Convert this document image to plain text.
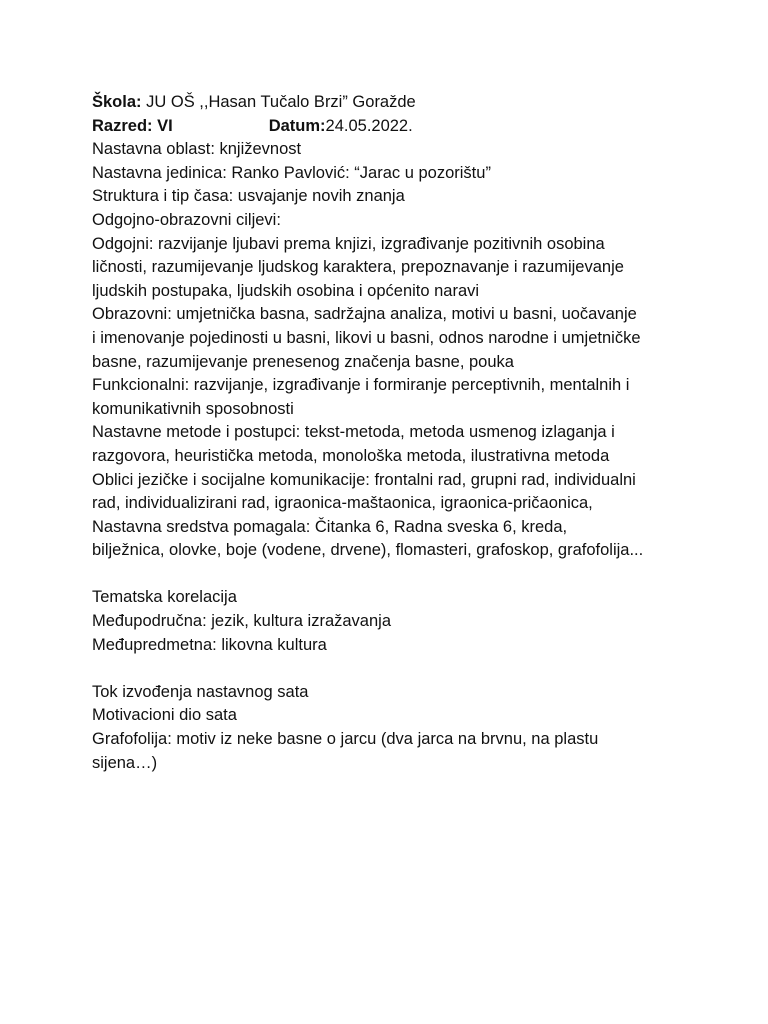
Škola: JU OŠ ,,Hasan Tučalo Brzi” Goražde
Razred: VI	Datum:24.05.2022.
Nastavna oblast: književnost
Nastavna jedinica: Ranko Pavlović: “Jarac u pozorištu”
Struktura i tip časa: usvajanje novih znanja
Odgojno-obrazovni ciljevi:
Odgojni: razvijanje ljubavi prema knjizi, izgrađivanje pozitivnih osobina
ličnosti, razumijevanje ljudskog karaktera, prepoznavanje i razumijevanje
ljudskih postupaka, ljudskih osobina i općenito naravi
Obrazovni: umjetnička basna, sadržajna analiza, motivi u basni, uočavanje
i imenovanje pojedinosti u basni, likovi u basni, odnos narodne i umjetničke
basne, razumijevanje prenesenog značenja basne, pouka
Funkcionalni: razvijanje, izgrađivanje i formiranje perceptivnih, mentalnih i
komunikativnih sposobnosti
Nastavne metode i postupci: tekst-metoda, metoda usmenog izlaganja i
razgovora, heuristička metoda, monološka metoda, ilustrativna metoda
Oblici jezičke i socijalne komunikacije: frontalni rad, grupni rad, individualni
rad, individualizirani rad, igraonica-maštaonica, igraonica-pričaonica,
Nastavna sredstva pomagala: Čitanka 6, Radna sveska 6, kreda,
bilježnica, olovke, boje (vodene, drvene), flomasteri, grafoskop, grafofolija...
Tematska korelacija
Međupodručna: jezik, kultura izražavanja
Međupredmetna: likovna kultura
Tok izvođenja nastavnog sata
Motivacioni dio sata
Grafofolija: motiv iz neke basne o jarcu (dva jarca na brvnu, na plastu
sijena…)
